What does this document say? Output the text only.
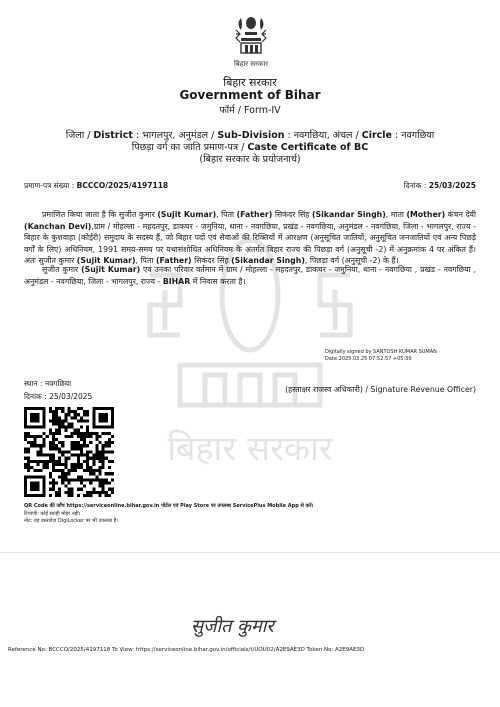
बिहार सरकार
बिहार सरकार
Government of Bihar
फॉर्म / Form-IV
जिला / District : भागलपुर, अनुमंडल / Sub-Division : नवगछिया, अंचल / Circle : नवगछिया
पिछड़ा वर्ग का जाति प्रमाण-पत्र / Caste Certificate of BC
(बिहार सरकार के प्रयोजनार्थ)
प्रमाण-पत्र संख्या : BCCCO/2025/4197118	दिनांक : 25/03/2025
बिहार सरकार
प्रमाणित किया जाता है कि सुजीत कुमार (Sujit Kumar), पिता (Father) सिकंदर सिंह (Sikandar Singh), माता (Mother) कंचन देवी (Kanchan Devi),ग्राम / मोहल्ला - महदतपुर, डाकघर - जमुनिया, थाना - नवगछिया, प्रखंड - नवगछिया, अनुमंडल - नवगछिया, जिला - भागलपुर, राज्य - बिहार के कुशवाहा (कोईरी) समुदाय के सदस्य हैं, जो बिहार पदों एवं सेवाओं की रिक्तियों में आरक्षण (अनुसूचित जातियों, अनुसूचित जनजातियों एवं अन्य पिछड़े वर्गों के लिए) अधिनियम, 1991 समय-समय पर यथासंशोधित अधिनियम के अंतर्गत बिहार राज्य की पिछड़ा वर्ग (अनुसूची -2) में अनुक्रमांक 4 पर अंकित हैं। अतः सुजीत कुमार (Sujit Kumar), पिता (Father) सिकंदर सिंह (Sikandar Singh), पिछड़ा वर्ग (अनुसूची -2) के हैं।
सुजीत कुमार (Sujit Kumar) एवं उनका परिवार वर्तमान में ग्राम / मोहल्ला - महदतपुर, डाकघर - जमुनिया, थाना - नवगछिया , प्रखंड - नवगछिया , अनुमंडल - नवगछिया, जिला - भागलपुर, राज्य - BIHAR में निवास करता है।
Digitally signed by SANTOSH KUMAR SUMAN
Date:2025.03.25 07:52:57 +05:30
स्थान : नवगछिया
दिनांक : 25/03/2025
(हस्ताक्षर राजस्व अधिकारी) / Signature Revenue Officer)
QR Code की जाँच https://serviceonline.bihar.gov.in पोर्टल एवं Play Store पर उपलब्ध ServicePlus Mobile App से करें।
टिप्पणी: कोई स्याही मोहर नहीं।
नोट: यह दस्तावेज़ DigiLocker पर भी उपलब्ध है।
सुजीत कुमार
Reference No: BCCCO/2025/4197118 To View: https://serviceonline.bihar.gov.in/officials/t/UOU02/A2E9AE3D Token No: A2E9AE3D
